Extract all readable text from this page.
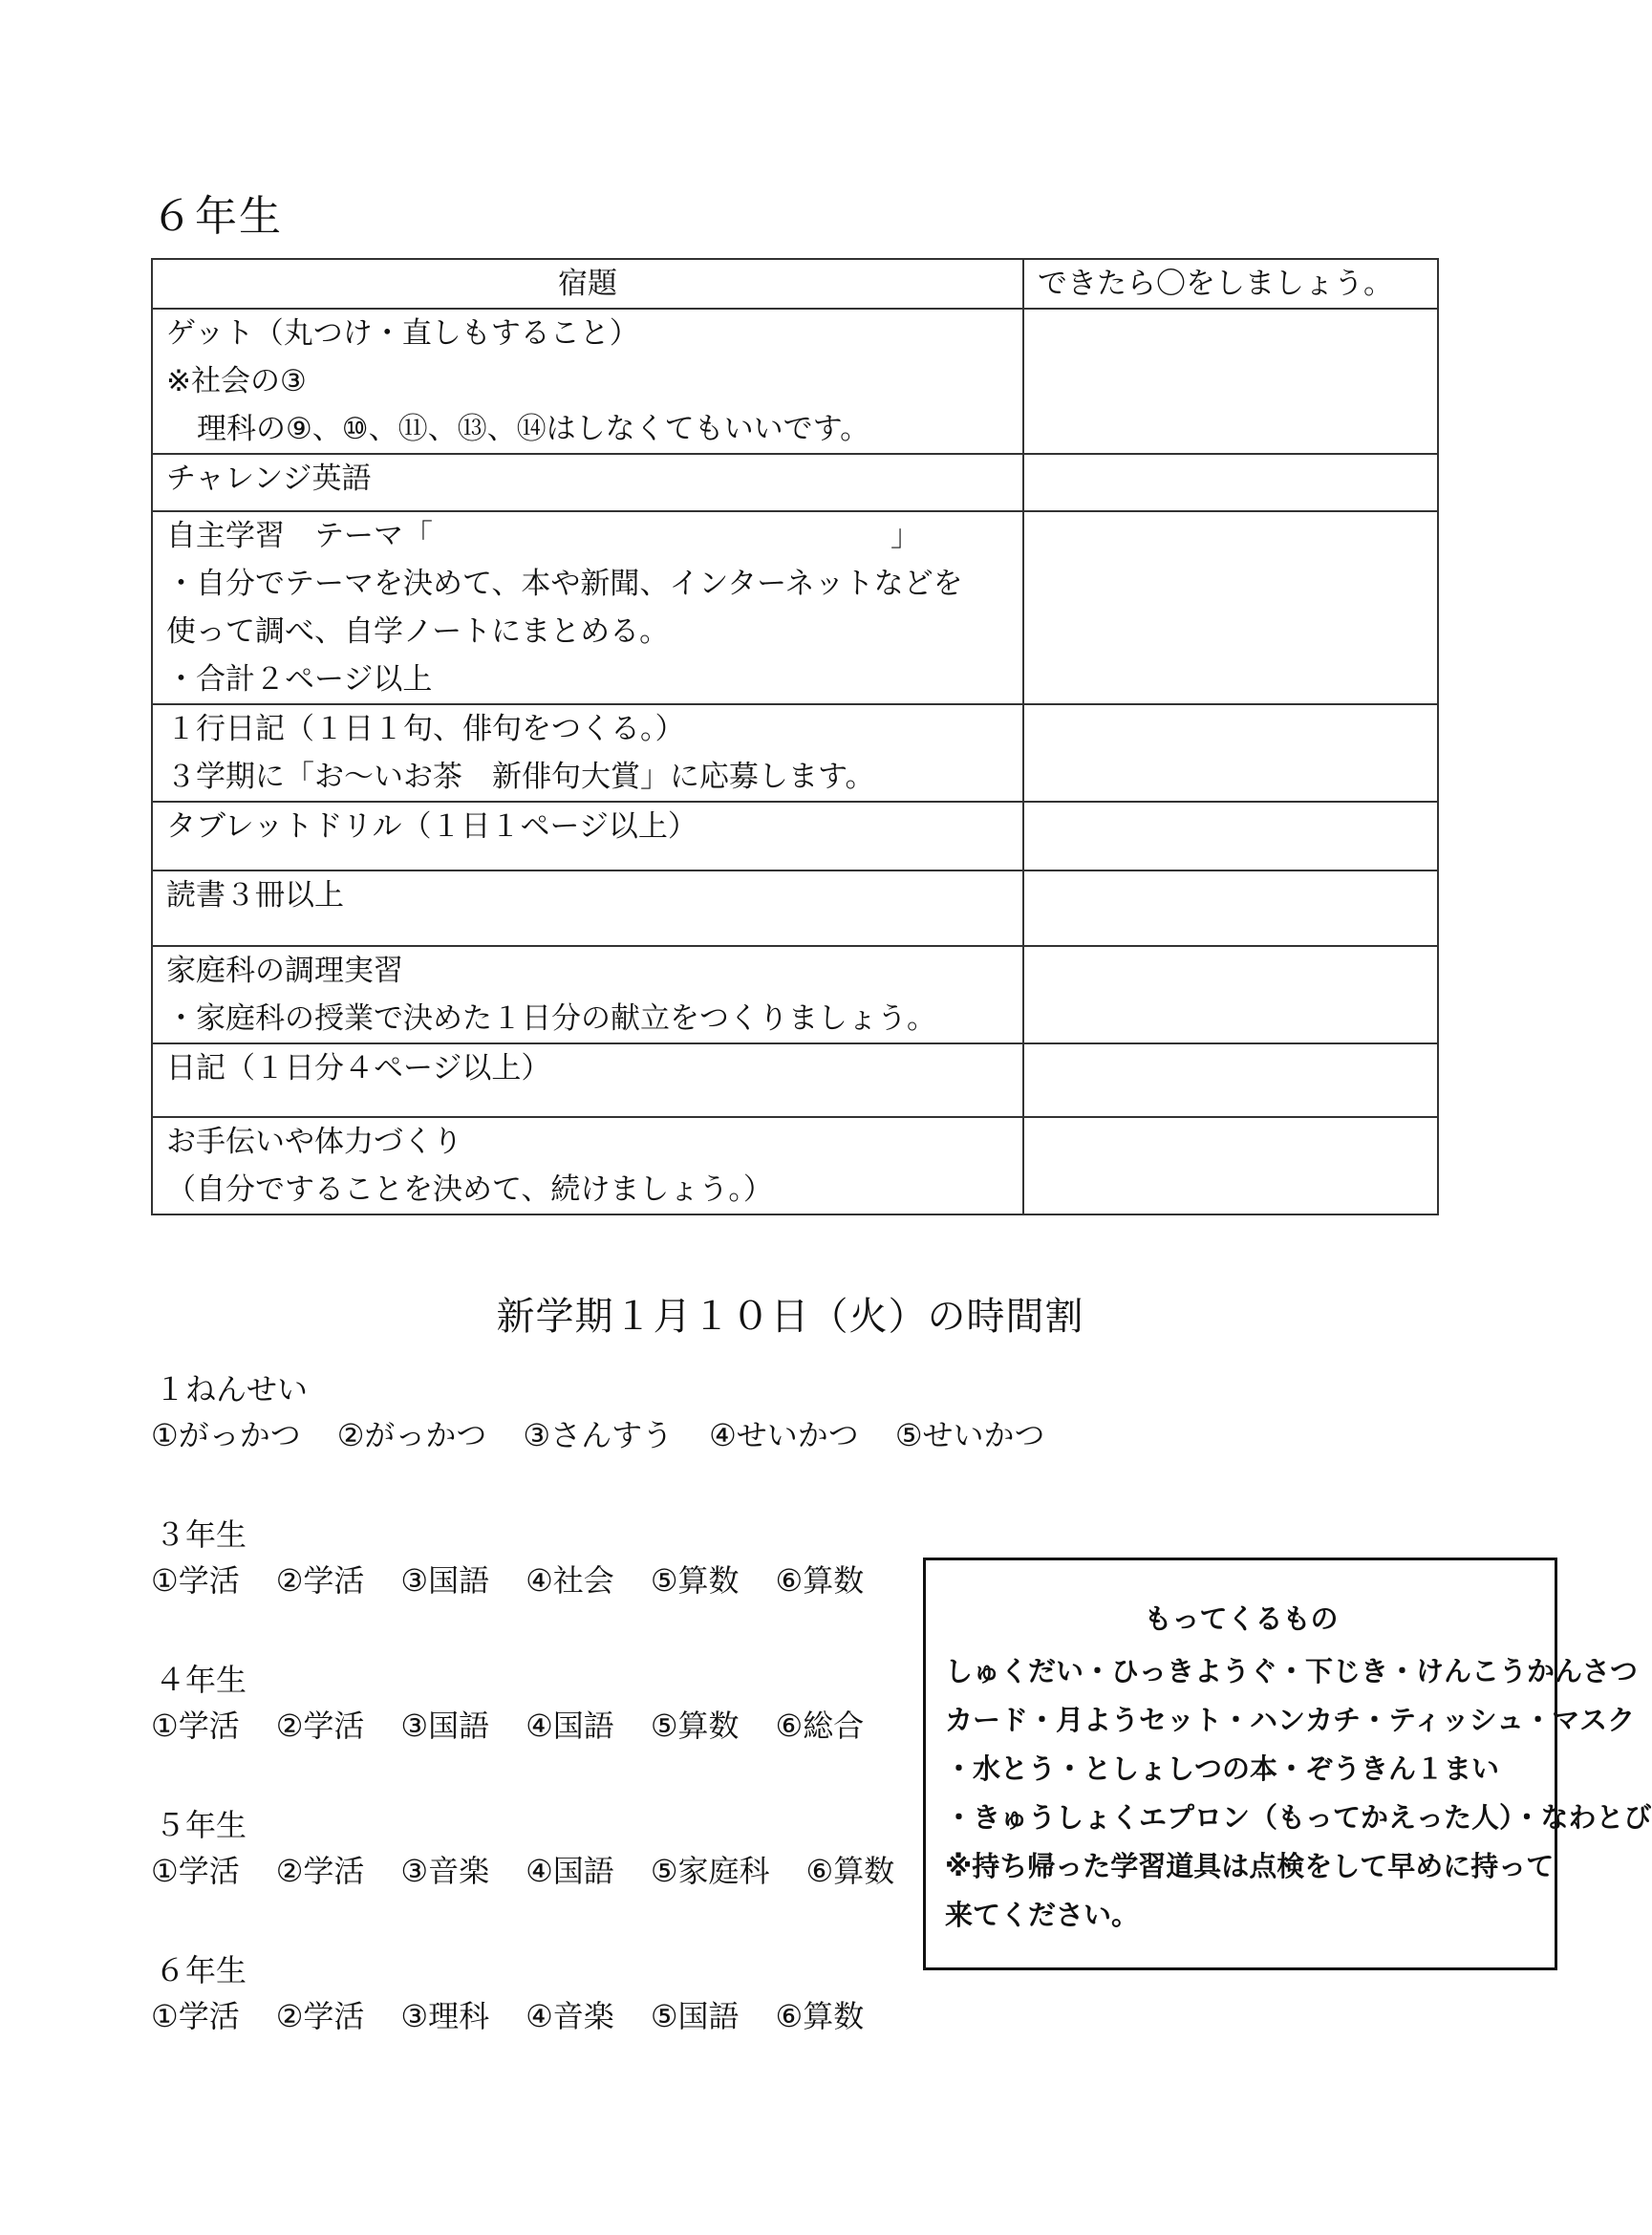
６年生
宿題	できたら〇をしましょう。

ゲット（丸つけ・直しもすること）
※社会の③
理科の⑨、⑩、⑪、⑬、⑭はしなくてもいいです。	

チャレンジ英語	

自主学習　テーマ「 」
・自分でテーマを決めて、本や新聞、インターネットなどを
使って調べ、自学ノートにまとめる。
・合計２ページ以上	

１行日記（１日１句、俳句をつくる。）
３学期に「お～いお茶　新俳句大賞」に応募します。	

タブレットドリル（１日１ページ以上）	

読書３冊以上	

家庭科の調理実習
・家庭科の授業で決めた１日分の献立をつくりましょう。	

日記（１日分４ページ以上）	

お手伝いや体力づくり
（自分ですることを決めて、続けましょう。）	

新学期１月１０日（火）の時間割
１ねんせい
①がっかつ ②がっかつ ③さんすう ④せいかつ ⑤せいかつ
３年生
①学活 ②学活 ③国語 ④社会 ⑤算数 ⑥算数
４年生
①学活 ②学活 ③国語 ④国語 ⑤算数 ⑥総合
５年生
①学活 ②学活 ③音楽 ④国語 ⑤家庭科 ⑥算数
６年生
①学活 ②学活 ③理科 ④音楽 ⑤国語 ⑥算数
もってくるもの
しゅくだい・ひっきようぐ・下じき・けんこうかんさつ
カード・月ようセット・ハンカチ・ティッシュ・マスク
・水とう・としょしつの本・ぞうきん１まい
・きゅうしょくエプロン（もってかえった人）・なわとび
※持ち帰った学習道具は点検をして早めに持って
来てください。
